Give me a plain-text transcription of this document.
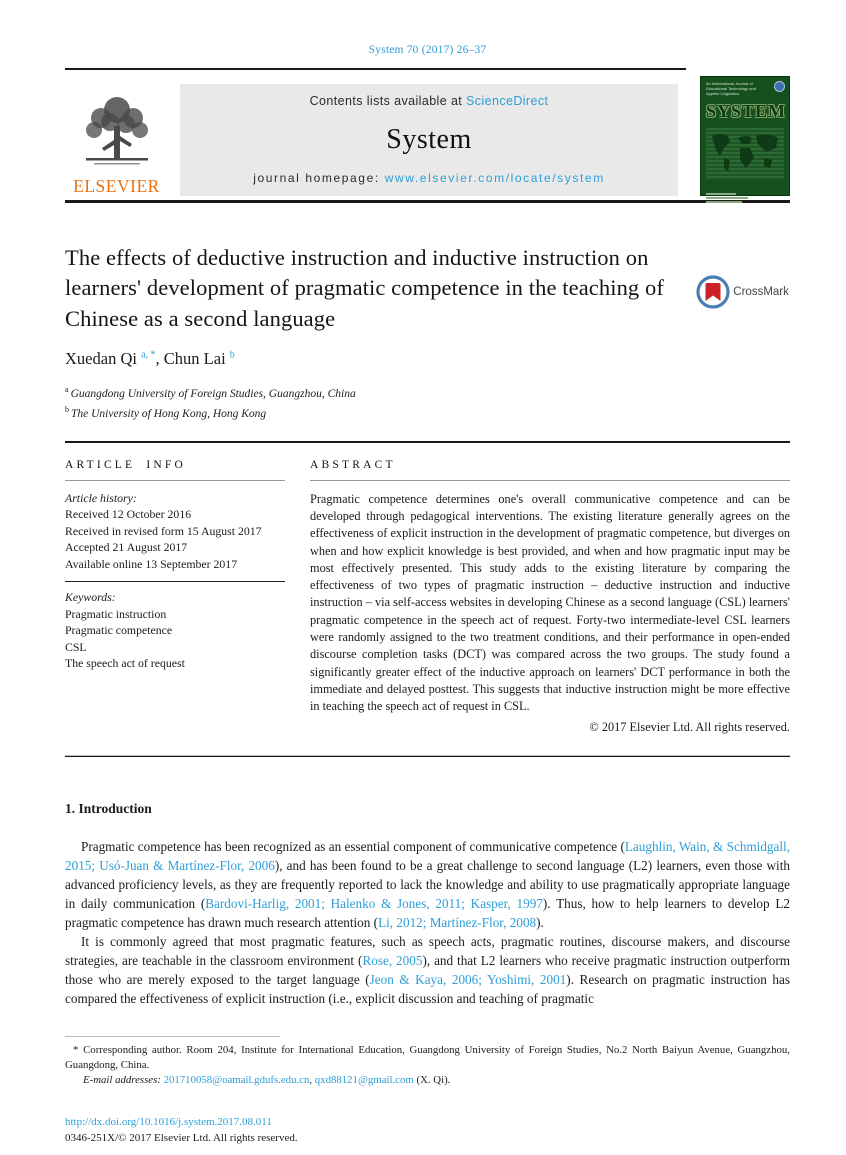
System 70 (2017) 26–37
ELSEVIER
Contents lists available at ScienceDirect
System
journal homepage: www.elsevier.com/locate/system
An International Journal of Educational Technology and Applied Linguistics
SYSTEM
The effects of deductive instruction and inductive instruction on learners' development of pragmatic competence in the teaching of Chinese as a second language
CrossMark
Xuedan Qi $^{a, *}$, Chun Lai $^b$
$^a$ Guangdong University of Foreign Studies, Guangzhou, China
$^b$ The University of Hong Kong, Hong Kong
ARTICLE INFO
Article history:
Received 12 October 2016
Received in revised form 15 August 2017
Accepted 21 August 2017
Available online 13 September 2017
Keywords:
Pragmatic instruction
Pragmatic competence
CSL
The speech act of request
ABSTRACT
Pragmatic competence determines one's overall communicative competence and can be developed through pedagogical interventions. The existing literature generally agrees on the effectiveness of explicit instruction in the development of pragmatic competence, but diverges on when and how explicit knowledge is best provided, and when and how pragmatic input may be most effectively presented. This study adds to the existing literature by comparing the effectiveness of two types of pragmatic instruction – deductive instruction and inductive instruction – via self-access websites in developing Chinese as a second language (CSL) learners' pragmatic competence in the speech act of request. Forty-two intermediate-level CSL learners were randomly assigned to the two treatment conditions, and their performance in open-ended discourse completion tasks (DCT) was compared across the two groups. The study found a significantly greater effect of the inductive approach on learners' DCT performance in both the immediate and delayed posttest. This suggests that inductive instruction might be more effective in teaching the speech act of request in CSL.
© 2017 Elsevier Ltd. All rights reserved.
1. Introduction

Pragmatic competence has been recognized as an essential component of communicative competence (Laughlin, Wain, & Schmidgall, 2015; Usó-Juan & Martínez-Flor, 2006), and has been found to be a great challenge to second language (L2) learners, even those with advanced proficiency levels, as they are frequently reported to lack the knowledge and ability to use pragmatically appropriate language in daily communication (Bardovi-Harlig, 2001; Halenko & Jones, 2011; Kasper, 1997). Thus, how to help learners to develop L2 pragmatic competence has drawn much research attention (Li, 2012; Martínez-Flor, 2008).

It is commonly agreed that most pragmatic features, such as speech acts, pragmatic routines, discourse makers, and discourse strategies, are teachable in the classroom environment (Rose, 2005), and that L2 learners who receive pragmatic instruction outperform those who are merely exposed to the target language (Jeon & Kaya, 2006; Yoshimi, 2001). Research on pragmatic instruction has compared the effectiveness of explicit instruction (i.e., explicit discussion and teaching of pragmatic

* Corresponding author. Room 204, Institute for International Education, Guangdong University of Foreign Studies, No.2 North Baiyun Avenue, Guangzhou, Guangdong, China.
E-mail addresses: 201710058@oamail.gdufs.edu.cn, qxd88121@gmail.com (X. Qi).
http://dx.doi.org/10.1016/j.system.2017.08.011
0346-251X/© 2017 Elsevier Ltd. All rights reserved.
